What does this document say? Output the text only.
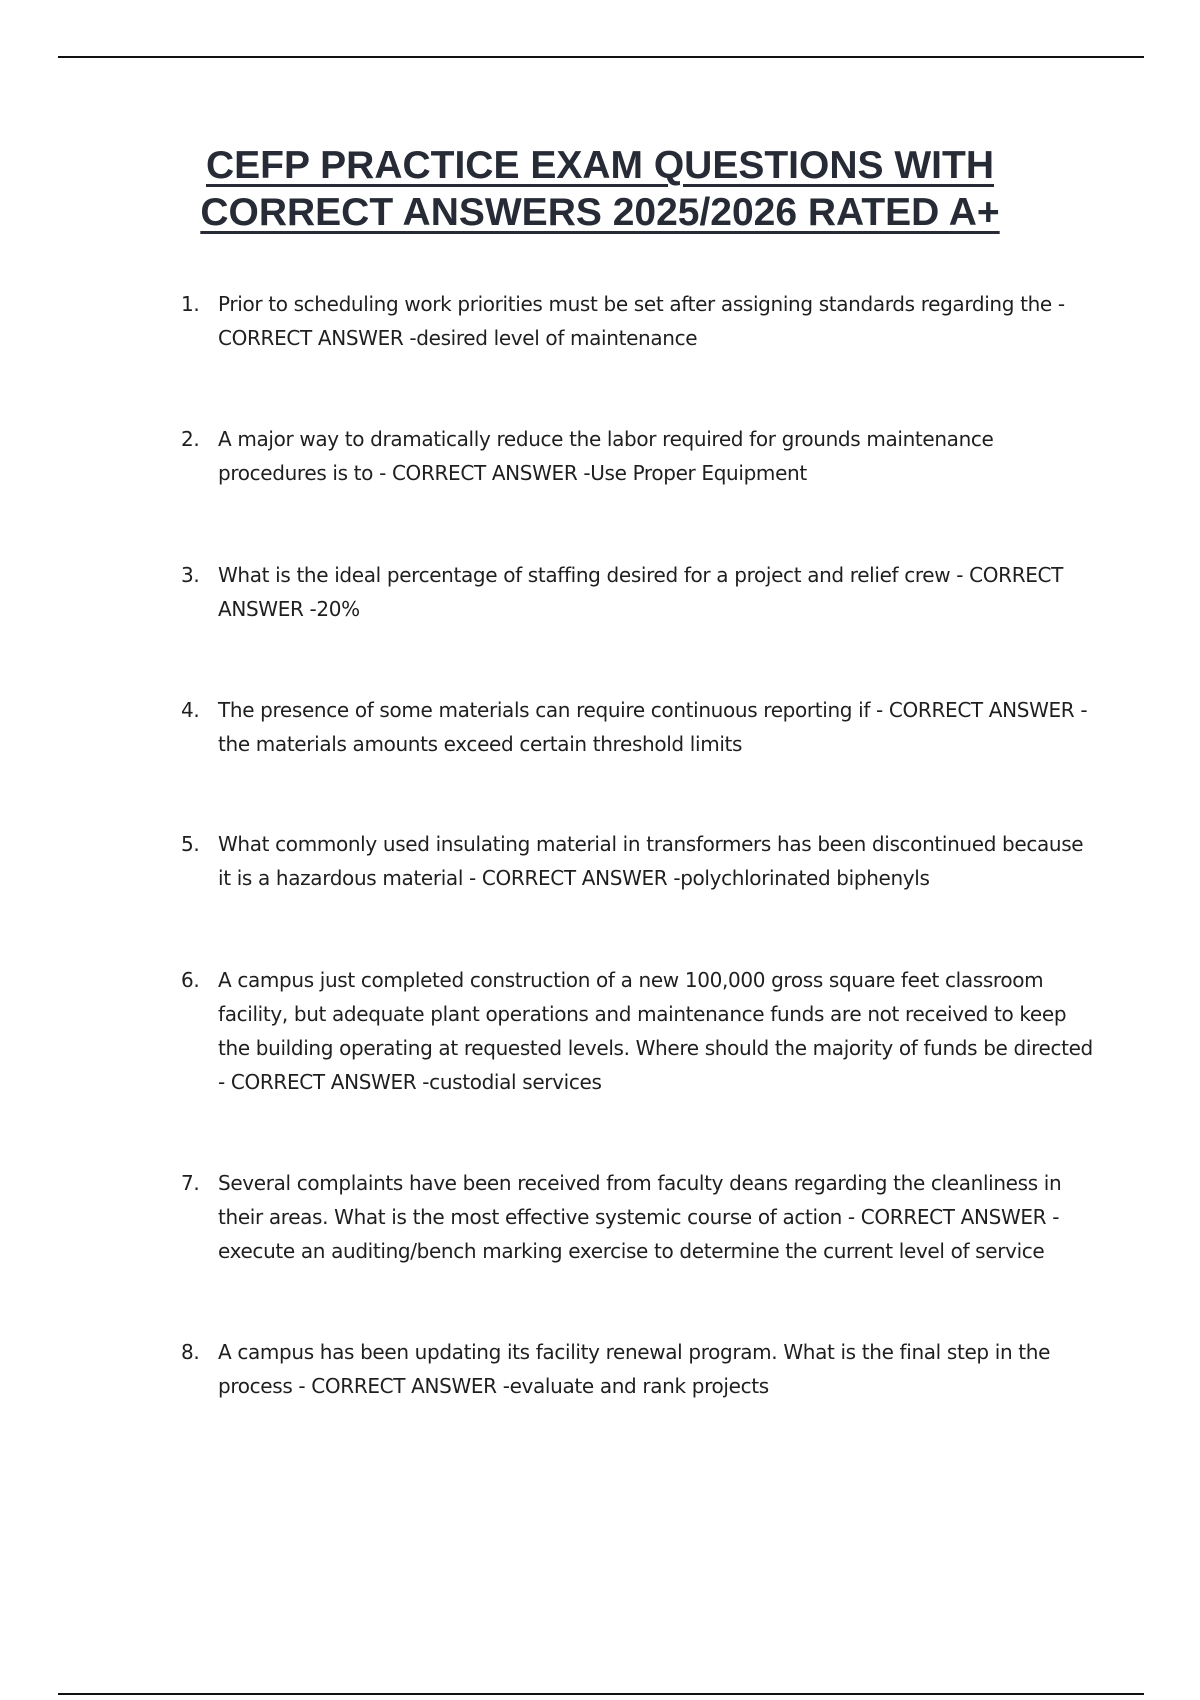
CEFP PRACTICE EXAM QUESTIONS WITH
CORRECT ANSWERS 2025/2026 RATED A+
1. Prior to scheduling work priorities must be set after assigning standards regarding the - CORRECT ANSWER -desired level of maintenance
2. A major way to dramatically reduce the labor required for grounds maintenance procedures is to - CORRECT ANSWER -Use Proper Equipment
3. What is the ideal percentage of staffing desired for a project and relief crew - CORRECT ANSWER -20%
4. The presence of some materials can require continuous reporting if - CORRECT ANSWER -the materials amounts exceed certain threshold limits
5. What commonly used insulating material in transformers has been discontinued because it is a hazardous material - CORRECT ANSWER -polychlorinated biphenyls
6. A campus just completed construction of a new 100,000 gross square feet classroom facility, but adequate plant operations and maintenance funds are not received to keep the building operating at requested levels. Where should the majority of funds be directed - CORRECT ANSWER -custodial services
7. Several complaints have been received from faculty deans regarding the cleanliness in their areas. What is the most effective systemic course of action - CORRECT ANSWER -execute an auditing/bench marking exercise to determine the current level of service
8. A campus has been updating its facility renewal program. What is the final step in the process - CORRECT ANSWER -evaluate and rank projects
